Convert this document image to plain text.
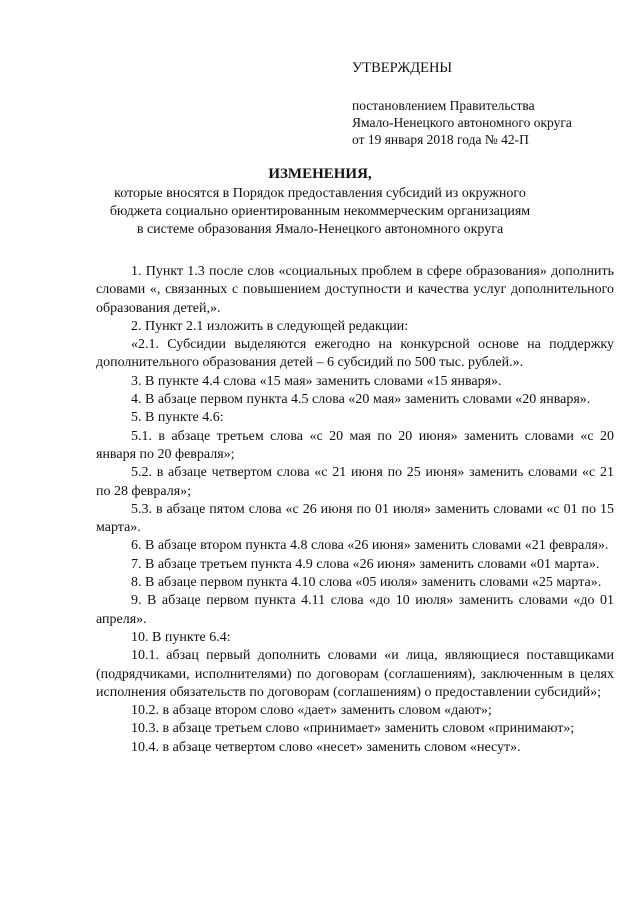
УТВЕРЖДЕНЫ
постановлением Правительства
Ямало-Ненецкого автономного округа
от 19 января 2018 года № 42-П
ИЗМЕНЕНИЯ,
которые вносятся в Порядок предоставления субсидий из окружного
бюджета социально ориентированным некоммерческим организациям
в системе образования Ямало-Ненецкого автономного округа

1. Пункт 1.3 после слов «социальных проблем в сфере образования» дополнить словами «, связанных с повышением доступности и качества услуг дополнительного образования детей,».

2. Пункт 2.1 изложить в следующей редакции:

«2.1. Субсидии выделяются ежегодно на конкурсной основе на поддержку дополнительного образования детей – 6 субсидий по 500 тыс. рублей.».

3. В пункте 4.4 слова «15 мая» заменить словами «15 января».

4. В абзаце первом пункта 4.5 слова «20 мая» заменить словами «20 января».

5. В пункте 4.6:

5.1. в абзаце третьем слова «с 20 мая по 20 июня» заменить словами «с 20 января по 20 февраля»;

5.2. в абзаце четвертом слова «с 21 июня по 25 июня» заменить словами «с 21 по 28 февраля»;

5.3. в абзаце пятом слова «с 26 июня по 01 июля» заменить словами «с 01 по 15 марта».

6. В абзаце втором пункта 4.8 слова «26 июня» заменить словами «21 февраля».

7. В абзаце третьем пункта 4.9 слова «26 июня» заменить словами «01 марта».

8. В абзаце первом пункта 4.10 слова «05 июля» заменить словами «25 марта».

9. В абзаце первом пункта 4.11 слова «до 10 июля» заменить словами «до 01 апреля».

10. В пункте 6.4:

10.1. абзац первый дополнить словами «и лица, являющиеся поставщиками (подрядчиками, исполнителями) по договорам (соглашениям), заключенным в целях исполнения обязательств по договорам (соглашениям) о предоставлении субсидий»;

10.2. в абзаце втором слово «дает» заменить словом «дают»;

10.3. в абзаце третьем слово «принимает» заменить словом «принимают»;

10.4. в абзаце четвертом слово «несет» заменить словом «несут».
